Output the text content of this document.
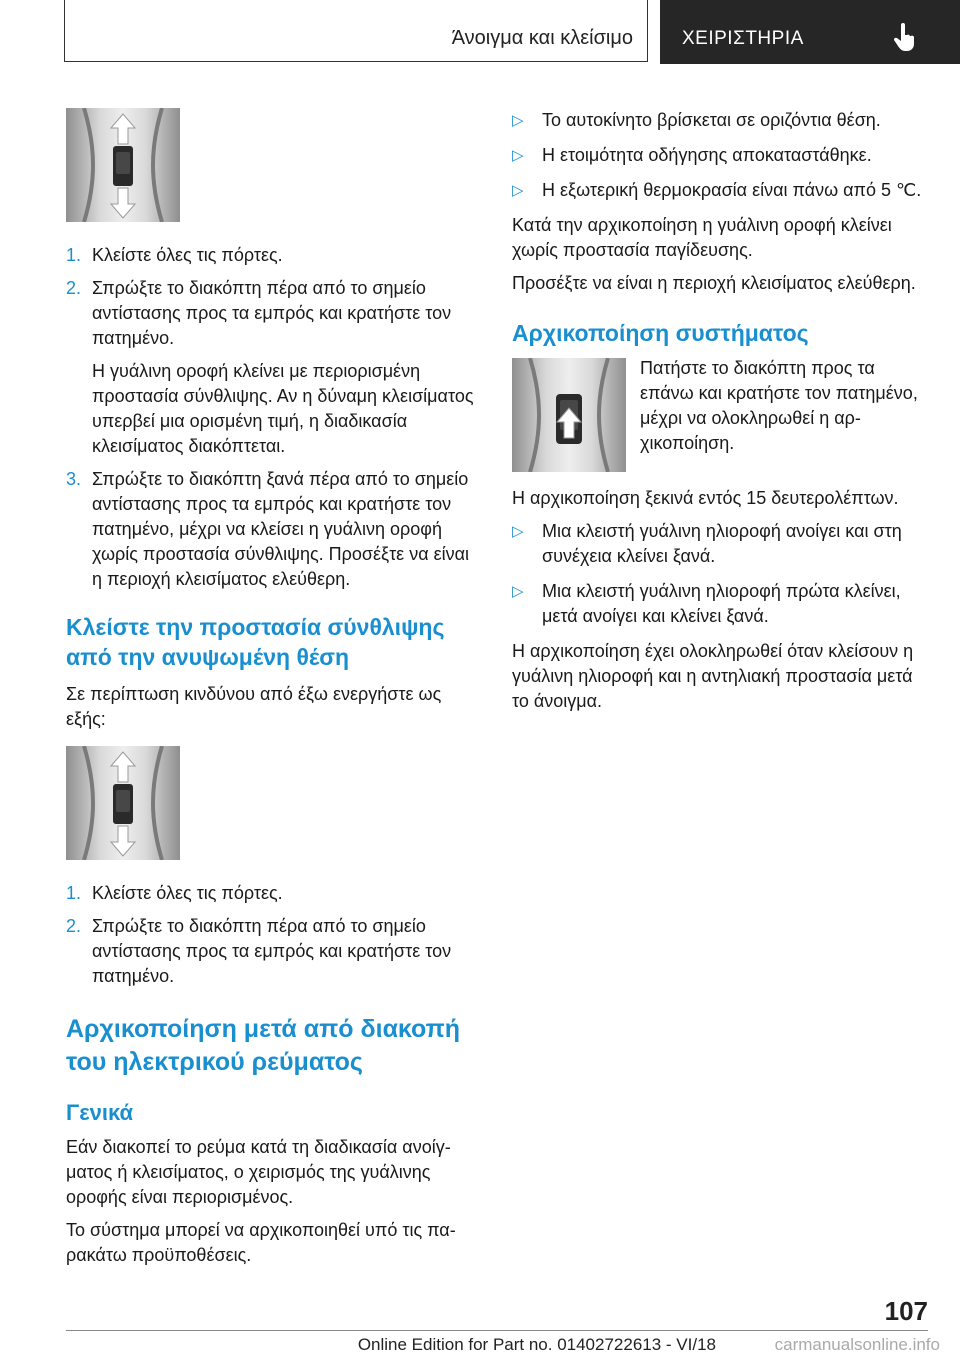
Άνοιγμα και κλείσιμο	ΧΕΙΡΙΣΤΗΡΙΑ
1. Κλείστε όλες τις πόρτες.

2. Σπρώξτε το διακόπτη πέρα από το σημείο αντίστασης προς τα εμπρός και κρατήστε τον πατημένο.

Η γυάλινη οροφή κλείνει με περιορισμένη προστασία σύνθλιψης. Αν η δύναμη κλεισίματος υπερβεί μια ορισμένη τιμή, η διαδικασία κλεισίματος διακόπτεται.

3. Σπρώξτε το διακόπτη ξανά πέρα από το σημείο αντίστασης προς τα εμπρός και κρατήστε τον πατημένο, μέχρι να κλείσει η γυάλινη οροφή χωρίς προστασία σύνθλιψης. Προσέξτε να είναι η περιοχή κλεισίματος ελεύθερη.

Κλείστε την προστασία σύνθλιψης από την ανυψωμένη θέση

Σε περίπτωση κινδύνου από έξω ενεργήστε ως εξής:

1. Κλείστε όλες τις πόρτες.

2. Σπρώξτε το διακόπτη πέρα από το σημείο αντίστασης προς τα εμπρός και κρατήστε τον πατημένο.

Αρχικοποίηση μετά από διακοπή του ηλεκτρικού ρεύματος
Γενικά

Εάν διακοπεί το ρεύμα κατά τη διαδικασία ανοίγματος ή κλεισίματος, ο χειρισμός της γυάλινης οροφής είναι περιορισμένος.

Το σύστημα μπορεί να αρχικοποιηθεί υπό τις παρακάτω προϋποθέσεις.

▷ Το αυτοκίνητο βρίσκεται σε οριζόντια θέση.
▷ Η ετοιμότητα οδήγησης αποκαταστάθηκε.
▷ Η εξωτερική θερμοκρασία είναι πάνω από 5 ℃.

Κατά την αρχικοποίηση η γυάλινη οροφή κλείνει χωρίς προστασία παγίδευσης.

Προσέξτε να είναι η περιοχή κλεισίματος ελεύθερη.

Αρχικοποίηση συστήματος

Πατήστε το διακόπτη προς τα επάνω και κρατήστε τον πατημένο, μέχρι να ολοκληρωθεί η αρχικοποίηση.

Η αρχικοποίηση ξεκινά εντός 15 δευτερολέπτων.

▷ Μια κλειστή γυάλινη ηλιοροφή ανοίγει και στη συνέχεια κλείνει ξανά.
▷ Μια κλειστή γυάλινη ηλιοροφή πρώτα κλείνει, μετά ανοίγει και κλείνει ξανά.

Η αρχικοποίηση έχει ολοκληρωθεί όταν κλείσουν η γυάλινη ηλιοροφή και η αντηλιακή προστασία μετά το άνοιγμα.

107
Online Edition for Part no. 01402722613 - VI/18	carmanualsonline.info
